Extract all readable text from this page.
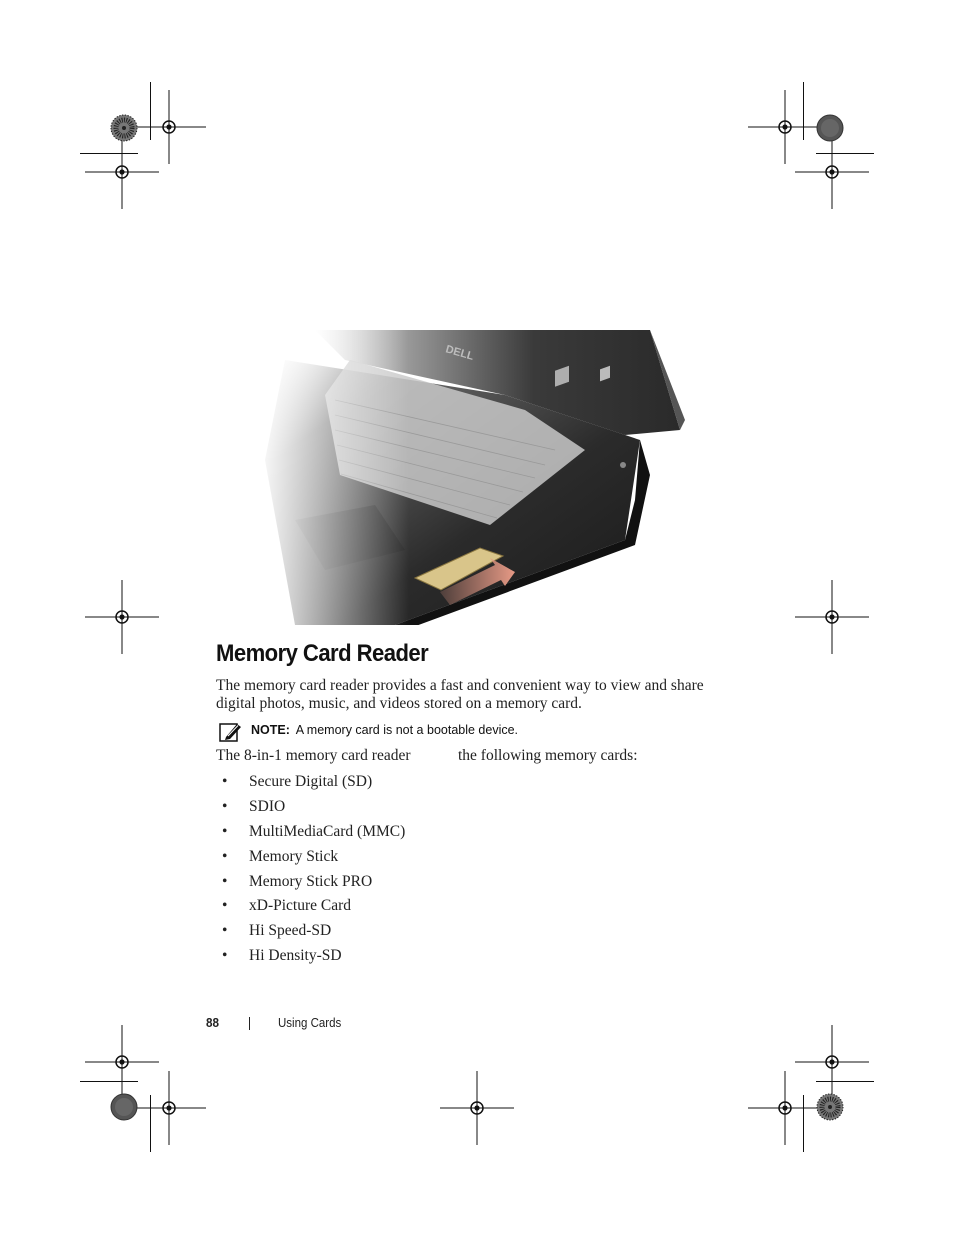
Memory Card Reader

The memory card reader provides a fast and convenient way to view and share digital photos, music, and videos stored on a memory card.

NOTE: A memory card is not a bootable device.
The 8-in-1 memory card reader	the following memory cards:
• Secure Digital (SD)
• SDIO
• MultiMediaCard (MMC)
• Memory Stick
• Memory Stick PRO
• xD-Picture Card
• Hi Speed-SD
• Hi Density-SD
88	Using Cards
